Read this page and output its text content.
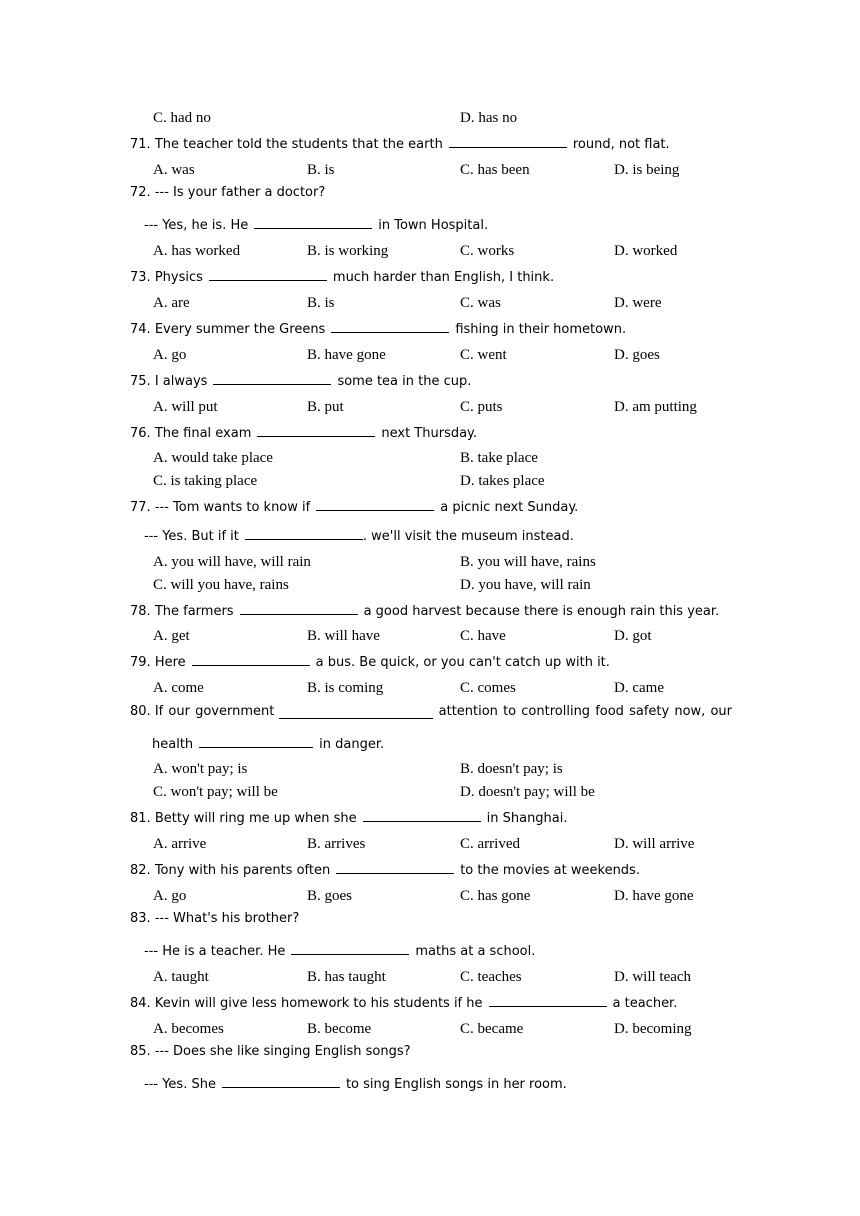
C. had no	D. has no
71. The teacher told the students that the earth	round, not flat.
A. was	B. is	C. has been	D. is being
72. --- Is your father a doctor?
--- Yes, he is. He	in Town Hospital.
A. has worked	B. is working	C. works	D. worked
73. Physics	much harder than English, I think.
A. are	B. is	C. was	D. were
74. Every summer the Greens	fishing in their hometown.
A. go	B. have gone	C. went	D. goes
75. I always	some tea in the cup.
A. will put	B. put	C. puts	D. am putting
76. The final exam	next Thursday.
A. would take place	B. take place
C. is taking place	D. takes place
77. --- Tom wants to know if	a picnic next Sunday.
--- Yes. But if it	. we'll visit the museum instead.
A. you will have, will rain	B. you will have, rains
C. will you have, rains	D. you have, will rain
78. The farmers	a good harvest because there is enough rain this year.
A. get	B. will have	C. have	D. got
79. Here	a bus. Be quick, or you can't catch up with it.
A. come	B. is coming	C. comes	D. came
80. If our government	attention to controlling food safety now, our
health	in danger.
A. won't pay; is	B. doesn't pay; is
C. won't pay; will be	D. doesn't pay; will be
81. Betty will ring me up when she	in Shanghai.
A. arrive	B. arrives	C. arrived	D. will arrive
82. Tony with his parents often	to the movies at weekends.
A. go	B. goes	C. has gone	D. have gone
83. --- What's his brother?
--- He is a teacher. He	maths at a school.
A. taught	B. has taught	C. teaches	D. will teach
84. Kevin will give less homework to his students if he	a teacher.
A. becomes	B. become	C. became	D. becoming
85. --- Does she like singing English songs?
--- Yes. She	to sing English songs in her room.
